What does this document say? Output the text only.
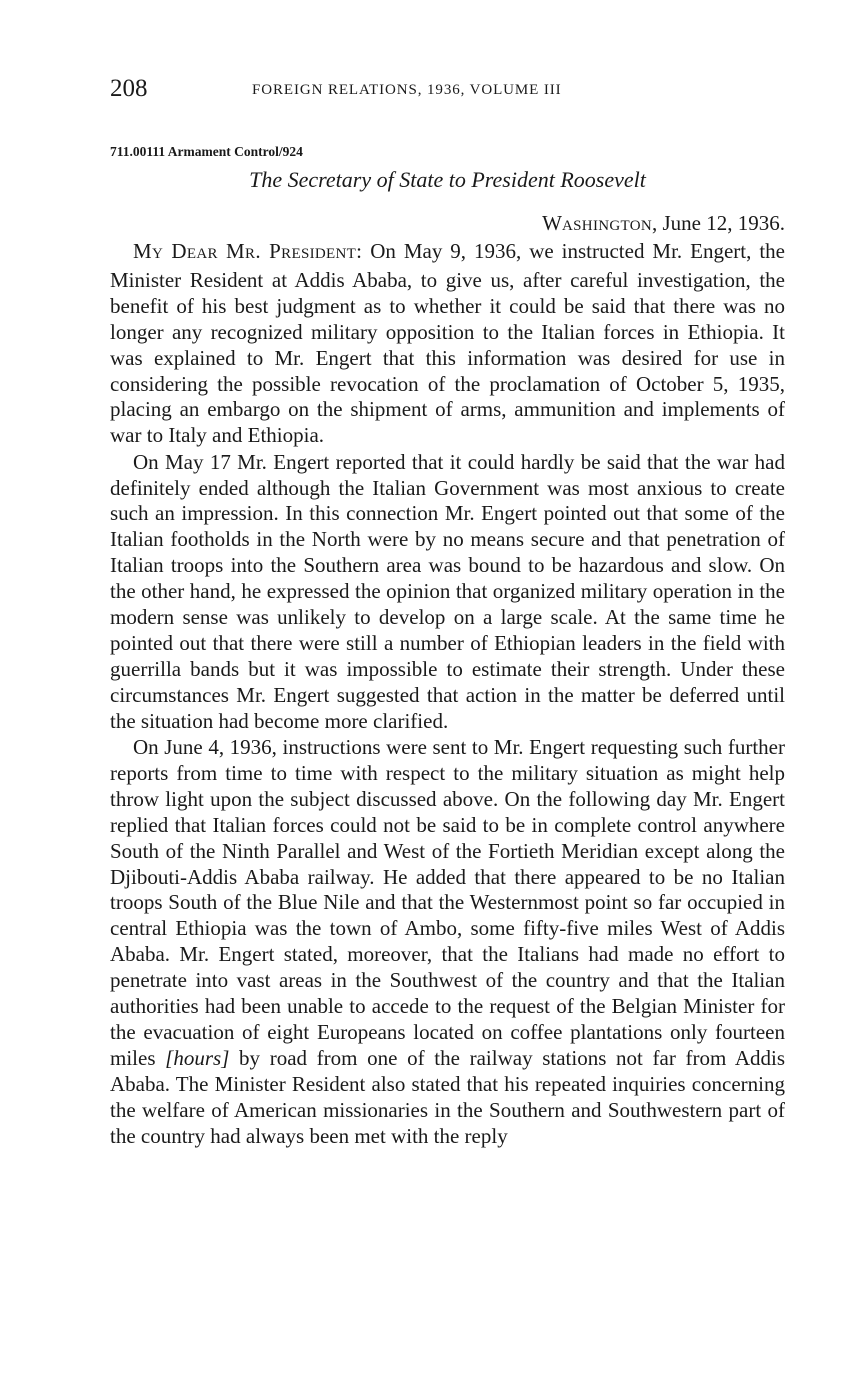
208	FOREIGN RELATIONS, 1936, VOLUME III
711.00111 Armament Control/924
The Secretary of State to President Roosevelt
WASHINGTON, June 12, 1936.

MY DEAR MR. PRESIDENT: On May 9, 1936, we instructed Mr. Engert, the Minister Resident at Addis Ababa, to give us, after careful investigation, the benefit of his best judgment as to whether it could be said that there was no longer any recognized military opposition to the Italian forces in Ethiopia. It was explained to Mr. Engert that this information was desired for use in considering the possible revocation of the proclamation of October 5, 1935, placing an embargo on the shipment of arms, ammunition and implements of war to Italy and Ethiopia.

On May 17 Mr. Engert reported that it could hardly be said that the war had definitely ended although the Italian Government was most anxious to create such an impression. In this connection Mr. Engert pointed out that some of the Italian footholds in the North were by no means secure and that penetration of Italian troops into the Southern area was bound to be hazardous and slow. On the other hand, he expressed the opinion that organized military operation in the modern sense was unlikely to develop on a large scale. At the same time he pointed out that there were still a number of Ethiopian leaders in the field with guerrilla bands but it was impossible to estimate their strength. Under these circumstances Mr. Engert suggested that action in the matter be deferred until the situation had become more clarified.

On June 4, 1936, instructions were sent to Mr. Engert requesting such further reports from time to time with respect to the military situation as might help throw light upon the subject discussed above. On the following day Mr. Engert replied that Italian forces could not be said to be in complete control anywhere South of the Ninth Parallel and West of the Fortieth Meridian except along the Djibouti-Addis Ababa railway. He added that there appeared to be no Italian troops South of the Blue Nile and that the Westernmost point so far occupied in central Ethiopia was the town of Ambo, some fifty-five miles West of Addis Ababa. Mr. Engert stated, moreover, that the Italians had made no effort to penetrate into vast areas in the Southwest of the country and that the Italian authorities had been unable to accede to the request of the Belgian Minister for the evacuation of eight Europeans located on coffee plantations only fourteen miles [hours] by road from one of the railway stations not far from Addis Ababa. The Minister Resident also stated that his repeated inquiries concerning the welfare of American missionaries in the Southern and Southwestern part of the country had always been met with the reply
